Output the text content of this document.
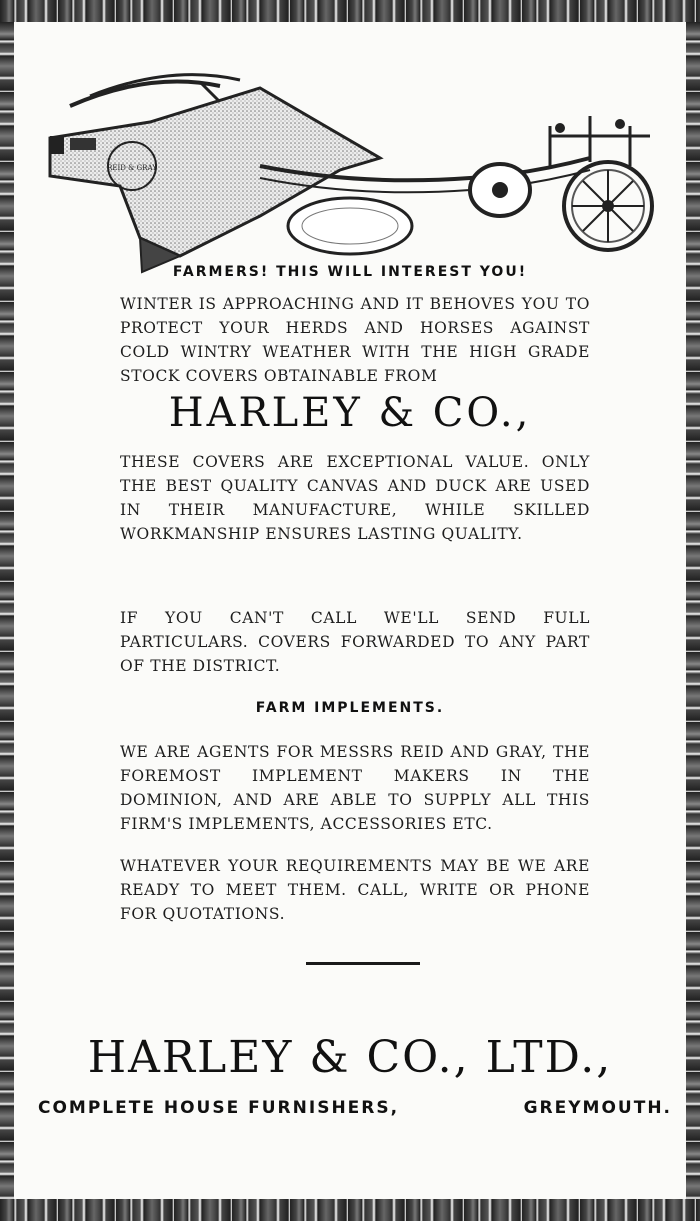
REID & GRAY
FARMERS! THIS WILL INTEREST YOU!
WINTER IS APPROACHING AND IT BEHOVES YOU TO PROTECT YOUR HERDS AND HORSES AGAINST COLD WINTRY WEATHER WITH THE HIGH GRADE STOCK COVERS OBTAINABLE FROM
HARLEY & CO.,
THESE COVERS ARE EXCEPTIONAL VALUE. ONLY THE BEST QUALITY CANVAS AND DUCK ARE USED IN THEIR MANUFACTURE, WHILE SKILLED WORKMANSHIP ENSURES LASTING QUALITY.
IF YOU CAN'T CALL WE'LL SEND FULL PARTICULARS. COVERS FORWARDED TO ANY PART OF THE DISTRICT.
FARM IMPLEMENTS.
WE ARE AGENTS FOR MESSRS REID AND GRAY, THE FOREMOST IMPLEMENT MAKERS IN THE DOMINION, AND ARE ABLE TO SUPPLY ALL THIS FIRM'S IMPLEMENTS, ACCESSORIES ETC.
WHATEVER YOUR REQUIREMENTS MAY BE WE ARE READY TO MEET THEM. CALL, WRITE OR PHONE FOR QUOTATIONS.
HARLEY & CO., LTD.,
COMPLETE HOUSE FURNISHERS,	GREYMOUTH.
